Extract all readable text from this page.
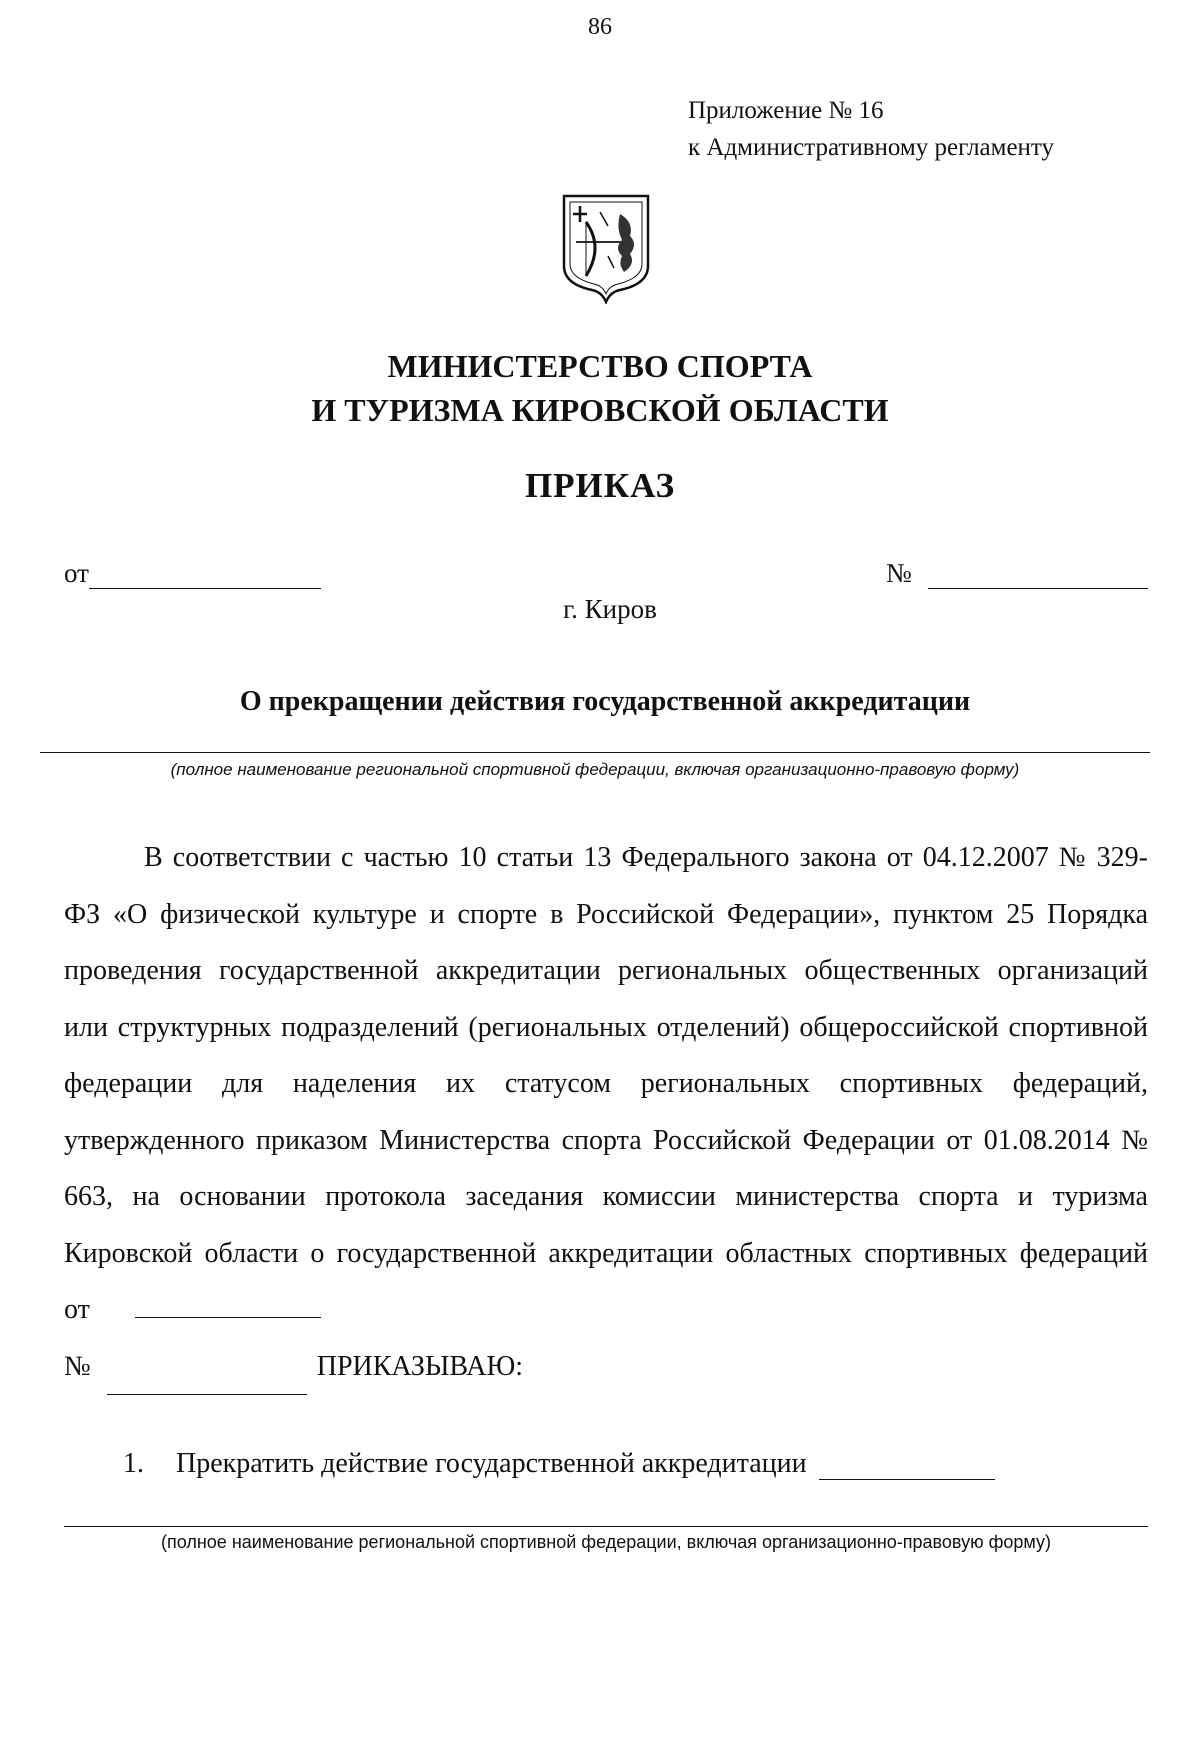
86
Приложение № 16
к Административному регламенту
МИНИСТЕРСТВО СПОРТА
И ТУРИЗМА КИРОВСКОЙ ОБЛАСТИ
ПРИКАЗ
от	№
г. Киров
О прекращении действия государственной аккредитации
(полное наименование региональной спортивной федерации, включая организационно-правовую форму)

В соответствии с частью 10 статьи 13 Федерального закона от 04.12.2007 № 329-ФЗ «О физической культуре и спорте в Российской Федерации», пунктом 25 Порядка проведения государственной аккредитации региональных общественных организаций или структурных подразделений (региональных отделений) общероссийской спортивной федерации для наделения их статусом региональных спортивных федераций, утвержденного приказом Министерства спорта Российской Федерации от 01.08.2014 № 663, на основании протокола заседания комиссии министерства спорта и туризма Кировской области о государственной аккредитации областных спортивных федераций от

№	ПРИКАЗЫВАЮ:

1.	Прекратить действие государственной аккредитации
(полное наименование региональной спортивной федерации, включая организационно-правовую форму)
